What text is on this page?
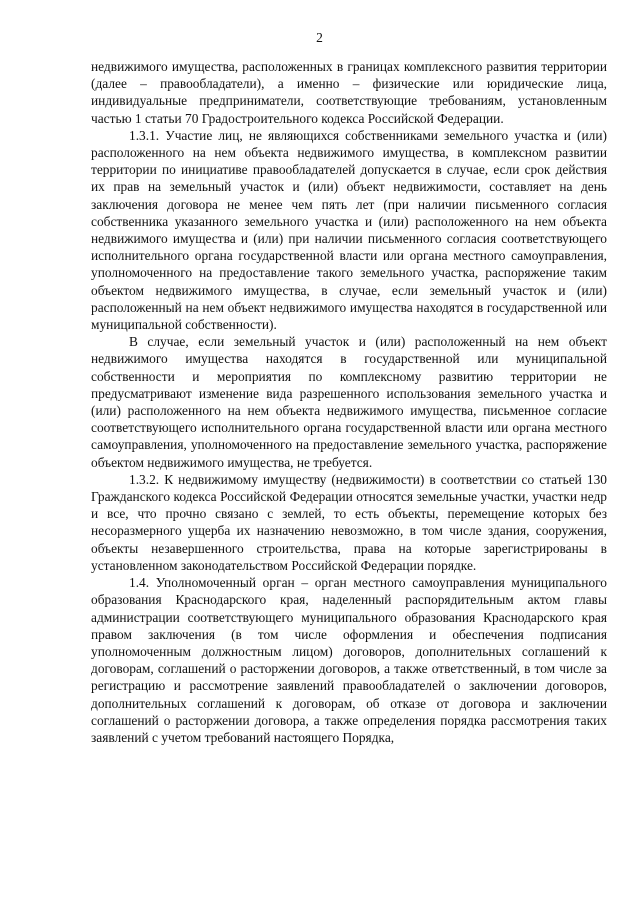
2

недвижимого имущества, расположенных в границах комплексного развития территории (далее – правообладатели), а именно – физические или юридические лица, индивидуальные предприниматели, соответствующие требованиям, установленным частью 1 статьи 70 Градостроительного кодекса Российской Федерации.

1.3.1. Участие лиц, не являющихся собственниками земельного участка и (или) расположенного на нем объекта недвижимого имущества, в комплексном развитии территории по инициативе правообладателей допускается в случае, если срок действия их прав на земельный участок и (или) объект недвижимости, составляет на день заключения договора не менее чем пять лет (при наличии письменного согласия собственника указанного земельного участка и (или) расположенного на нем объекта недвижимого имущества и (или) при наличии письменного согласия соответствующего исполнительного органа государственной власти или органа местного самоуправления, уполномоченного на предоставление такого земельного участка, распоряжение таким объектом недвижимого имущества, в случае, если земельный участок и (или) расположенный на нем объект недвижимого имущества находятся в государственной или муниципальной собственности).

В случае, если земельный участок и (или) расположенный на нем объект недвижимого имущества находятся в государственной или муниципальной собственности и мероприятия по комплексному развитию территории не предусматривают изменение вида разрешенного использования земельного участка и (или) расположенного на нем объекта недвижимого имущества, письменное согласие соответствующего исполнительного органа государственной власти или органа местного самоуправления, уполномоченного на предоставление земельного участка, распоряжение объектом недвижимого имущества, не требуется.

1.3.2. К недвижимому имуществу (недвижимости) в соответствии со статьей 130 Гражданского кодекса Российской Федерации относятся земельные участки, участки недр и все, что прочно связано с землей, то есть объекты, перемещение которых без несоразмерного ущерба их назначению невозможно, в том числе здания, сооружения, объекты незавершенного строительства, права на которые зарегистрированы в установленном законодательством Российской Федерации порядке.

1.4. Уполномоченный орган – орган местного самоуправления муниципального образования Краснодарского края, наделенный распорядительным актом главы администрации соответствующего муниципального образования Краснодарского края правом заключения (в том числе оформления и обеспечения подписания уполномоченным должностным лицом) договоров, дополнительных соглашений к договорам, соглашений о расторжении договоров, а также ответственный, в том числе за регистрацию и рассмотрение заявлений правообладателей о заключении договоров, дополнительных соглашений к договорам, об отказе от договора и заключении соглашений о расторжении договора, а также определения порядка рассмотрения таких заявлений с учетом требований настоящего Порядка,
